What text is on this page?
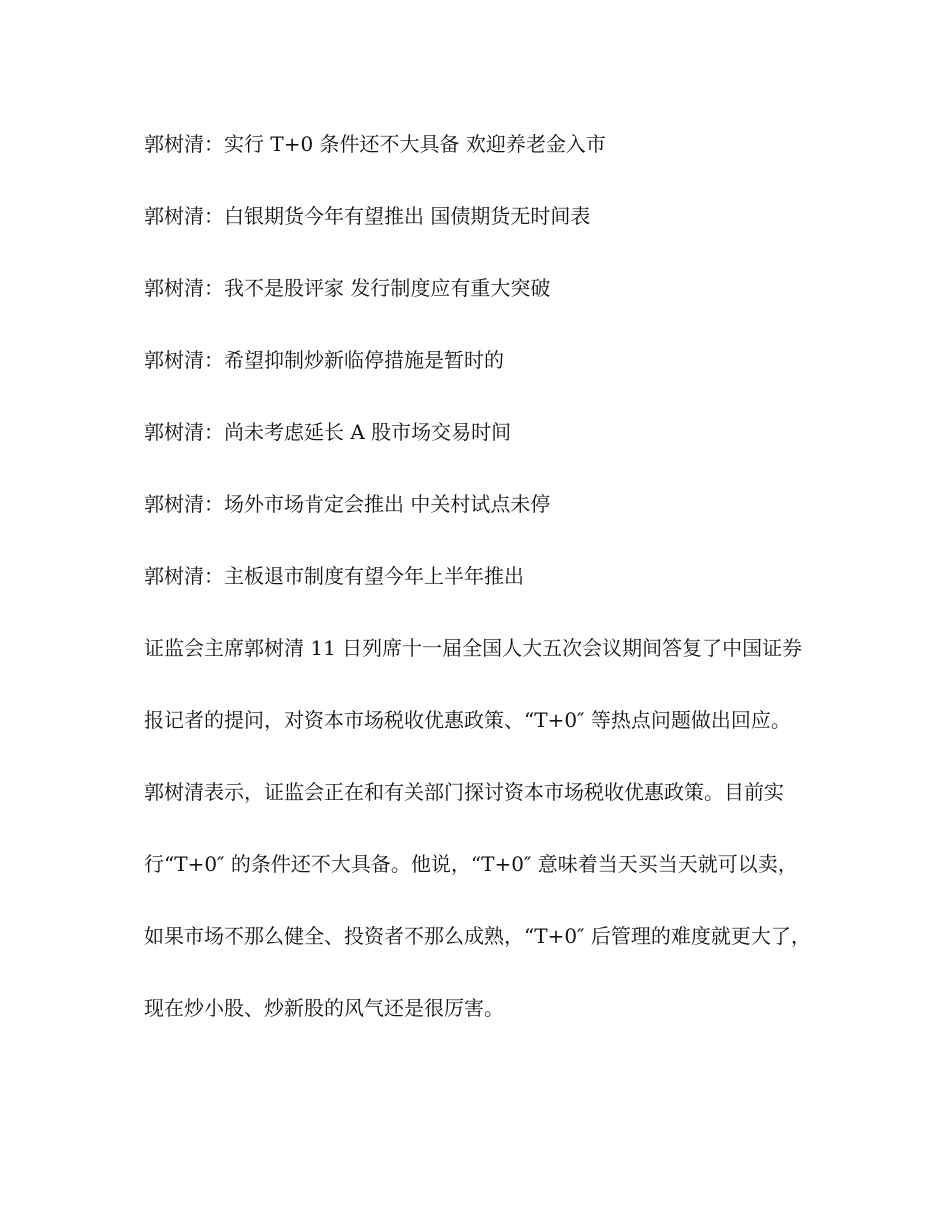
郭树清：实行 T+0 条件还不大具备 欢迎养老金入市

郭树清：白银期货今年有望推出 国债期货无时间表

郭树清：我不是股评家 发行制度应有重大突破

郭树清：希望抑制炒新临停措施是暂时的

郭树清：尚未考虑延长 A 股市场交易时间

郭树清：场外市场肯定会推出 中关村试点未停

郭树清：主板退市制度有望今年上半年推出

证监会主席郭树清 11 日列席十一届全国人大五次会议期间答复了中国证券报记者的提问，对资本市场税收优惠政策、“T+0″ 等热点问题做出回应。

郭树清表示，证监会正在和有关部门探讨资本市场税收优惠政策。目前实行“T+0″ 的条件还不大具备。他说，“T+0″ 意味着当天买当天就可以卖，如果市场不那么健全、投资者不那么成熟，“T+0″ 后管理的难度就更大了，现在炒小股、炒新股的风气还是很厉害。
